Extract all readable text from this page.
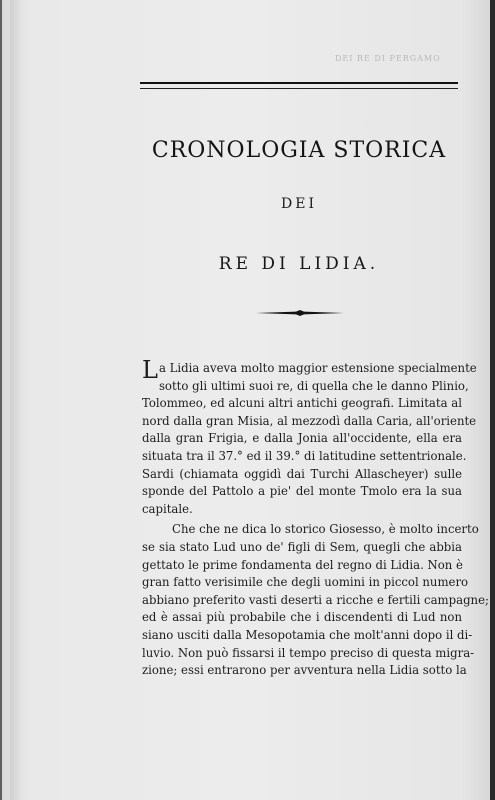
DEI RE DI PERGAMO
CRONOLOGIA STORICA
DEI
RE DI LIDIA.
L a Lidia aveva molto maggior estensione specialmente
sotto gli ultimi suoi re, di quella che le danno Plinio,
Tolommeo, ed alcuni altri antichi geografi. Limitata al
nord dalla gran Misia, al mezzodì dalla Caria, all'oriente
dalla gran Frigia, e dalla Jonia all'occidente, ella era
situata tra il 37.° ed il 39.° di latitudine settentrionale.
Sardi (chiamata oggidì dai Turchi Allascheyer) sulle
sponde del Pattolo a pie' del monte Tmolo era la sua
capitale.
Che che ne dica lo storico Giosesso, è molto incerto
se sia stato Lud uno de' figli di Sem, quegli che abbia
gettato le prime fondamenta del regno di Lidia. Non è
gran fatto verisimile che degli uomini in piccol numero
abbiano preferito vasti deserti a ricche e fertili campagne;
ed è assai più probabile che i discendenti di Lud non
siano usciti dalla Mesopotamia che molt'anni dopo il di-
luvio. Non può fissarsi il tempo preciso di questa migra-
zione; essi entrarono per avventura nella Lidia sotto la
